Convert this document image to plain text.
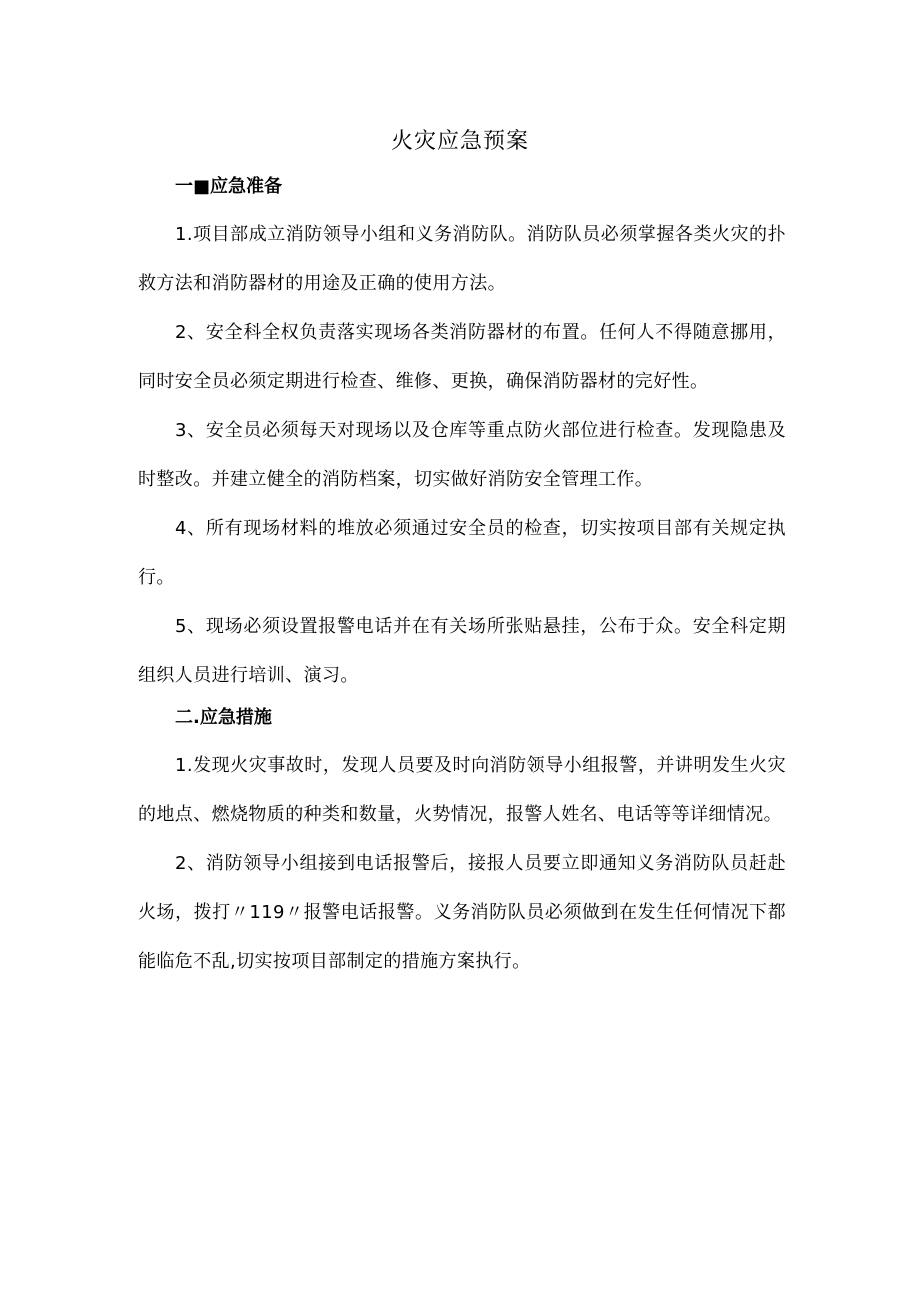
火灾应急预案
一■应急准备

1.项目部成立消防领导小组和义务消防队。消防队员必须掌握各类火灾的扑救方法和消防器材的用途及正确的使用方法。

2、安全科全权负责落实现场各类消防器材的布置。任何人不得随意挪用，同时安全员必须定期进行检查、维修、更换，确保消防器材的完好性。

3、安全员必须每天对现场以及仓库等重点防火部位进行检查。发现隐患及时整改。并建立健全的消防档案，切实做好消防安全管理工作。

4、所有现场材料的堆放必须通过安全员的检查，切实按项目部有关规定执行。

5、现场必须设置报警电话并在有关场所张贴悬挂，公布于众。安全科定期组织人员进行培训、演习。

二.应急措施

1.发现火灾事故时，发现人员要及时向消防领导小组报警，并讲明发生火灾的地点、燃烧物质的种类和数量，火势情况，报警人姓名、电话等等详细情况。

2、消防领导小组接到电话报警后，接报人员要立即通知义务消防队员赶赴火场，拨打〃119〃报警电话报警。义务消防队员必须做到在发生任何情况下都能临危不乱,切实按项目部制定的措施方案执行。
